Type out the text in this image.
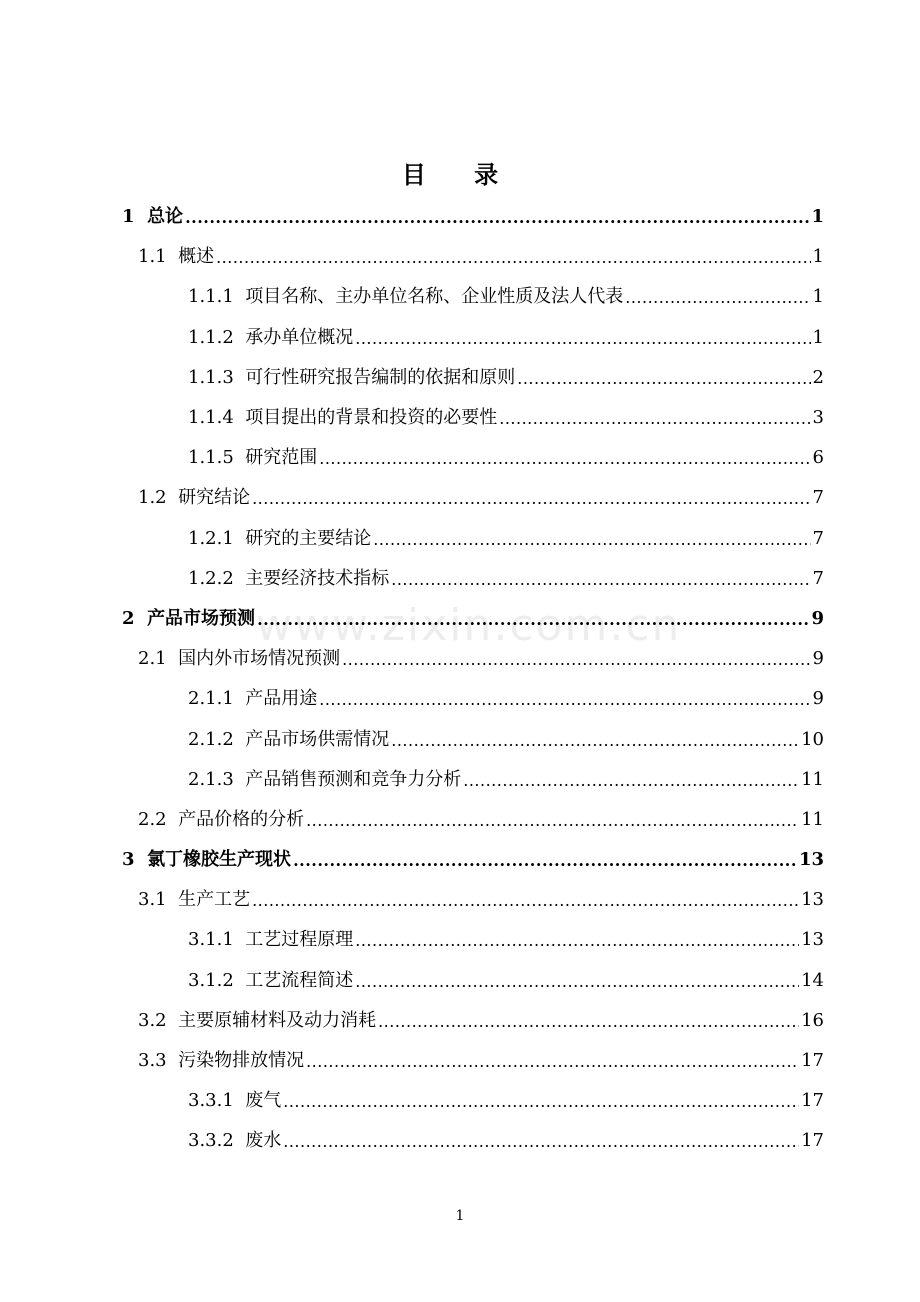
目 录
1 总论 .....	1
1.1 概述 .....	1
1.1.1 项目名称、主办单位名称、企业性质及法人代表 .....	1
1.1.2 承办单位概况 .....	1
1.1.3 可行性研究报告编制的依据和原则 .....	2
1.1.4 项目提出的背景和投资的必要性 .....	3
1.1.5 研究范围 .....	6
1.2 研究结论 .....	7
1.2.1 研究的主要结论 .....	7
1.2.2 主要经济技术指标 .....	7
2 产品市场预测 .....	9
2.1 国内外市场情况预测 .....	9
2.1.1 产品用途 .....	9
2.1.2 产品市场供需情况 .....	10
2.1.3 产品销售预测和竞争力分析 .....	11
2.2 产品价格的分析 .....	11
3 氯丁橡胶生产现状 .....	13
3.1 生产工艺 .....	13
3.1.1 工艺过程原理 .....	13
3.1.2 工艺流程简述 .....	14
3.2 主要原辅材料及动力消耗 .....	16
3.3 污染物排放情况 .....	17
3.3.1 废气 .....	17
3.3.2 废水 .....	17
www.zixin.com.cn
1
